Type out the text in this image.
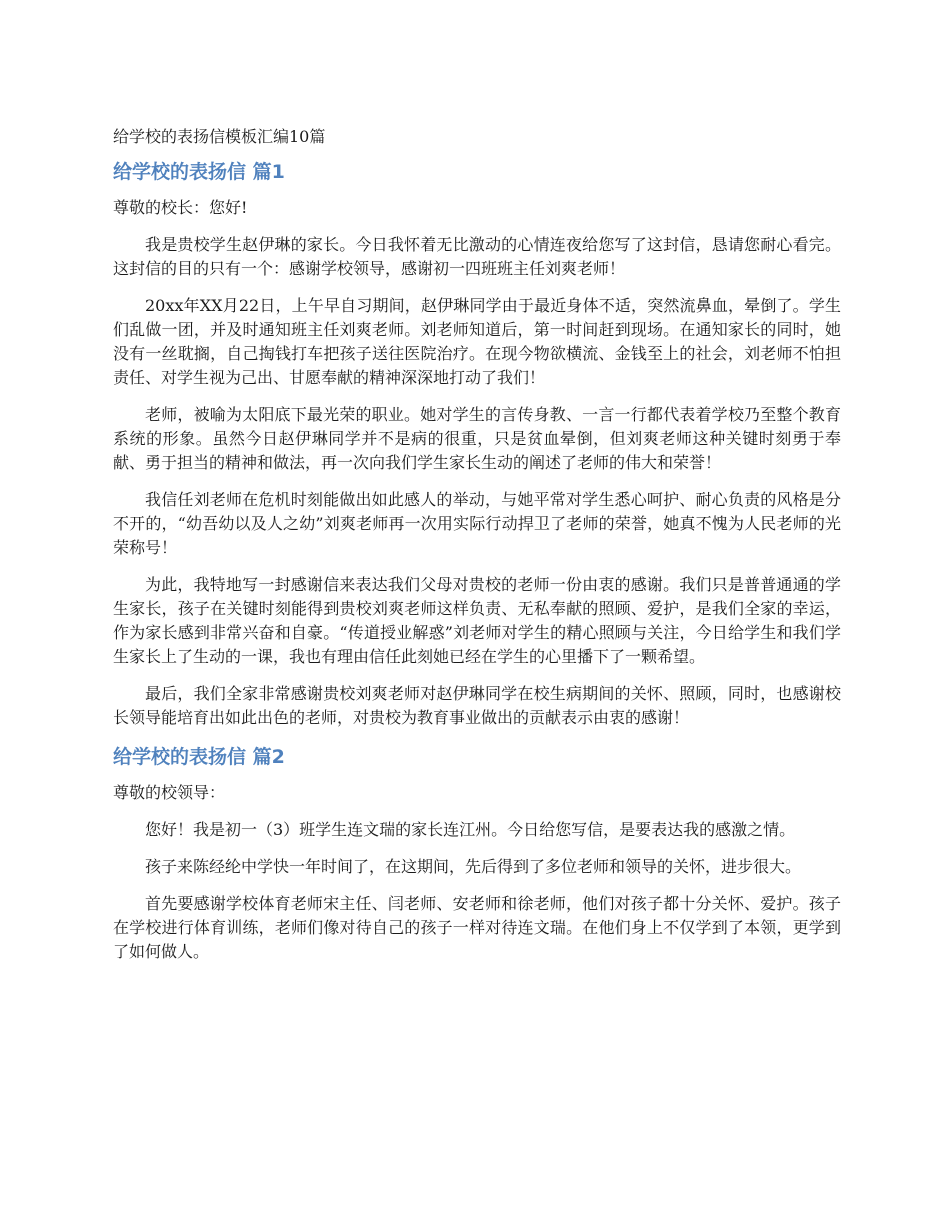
给学校的表扬信模板汇编10篇
给学校的表扬信 篇1
尊敬的校长：您好!

我是贵校学生赵伊琳的家长。今日我怀着无比激动的心情连夜给您写了这封信，恳请您耐心看完。这封信的目的只有一个：感谢学校领导，感谢初一四班班主任刘爽老师！

20xx年XX月22日，上午早自习期间，赵伊琳同学由于最近身体不适，突然流鼻血，晕倒了。学生们乱做一团，并及时通知班主任刘爽老师。刘老师知道后，第一时间赶到现场。在通知家长的同时，她没有一丝耽搁，自己掏钱打车把孩子送往医院治疗。在现今物欲横流、金钱至上的社会，刘老师不怕担责任、对学生视为己出、甘愿奉献的精神深深地打动了我们！

老师，被喻为太阳底下最光荣的职业。她对学生的言传身教、一言一行都代表着学校乃至整个教育系统的形象。虽然今日赵伊琳同学并不是病的很重，只是贫血晕倒，但刘爽老师这种关键时刻勇于奉献、勇于担当的精神和做法，再一次向我们学生家长生动的阐述了老师的伟大和荣誉！

我信任刘老师在危机时刻能做出如此感人的举动，与她平常对学生悉心呵护、耐心负责的风格是分不开的，“幼吾幼以及人之幼”刘爽老师再一次用实际行动捍卫了老师的荣誉，她真不愧为人民老师的光荣称号！

为此，我特地写一封感谢信来表达我们父母对贵校的老师一份由衷的感谢。我们只是普普通通的学生家长，孩子在关键时刻能得到贵校刘爽老师这样负责、无私奉献的照顾、爱护，是我们全家的幸运，作为家长感到非常兴奋和自豪。“传道授业解惑”刘老师对学生的精心照顾与关注，今日给学生和我们学生家长上了生动的一课，我也有理由信任此刻她已经在学生的心里播下了一颗希望。

最后，我们全家非常感谢贵校刘爽老师对赵伊琳同学在校生病期间的关怀、照顾，同时，也感谢校长领导能培育出如此出色的老师，对贵校为教育事业做出的贡献表示由衷的感谢！

给学校的表扬信 篇2
尊敬的校领导：

您好！我是初一（3）班学生连文瑞的家长连江州。今日给您写信，是要表达我的感激之情。

孩子来陈经纶中学快一年时间了，在这期间，先后得到了多位老师和领导的关怀，进步很大。

首先要感谢学校体育老师宋主任、闫老师、安老师和徐老师，他们对孩子都十分关怀、爱护。孩子在学校进行体育训练，老师们像对待自己的孩子一样对待连文瑞。在他们身上不仅学到了本领，更学到了如何做人。
